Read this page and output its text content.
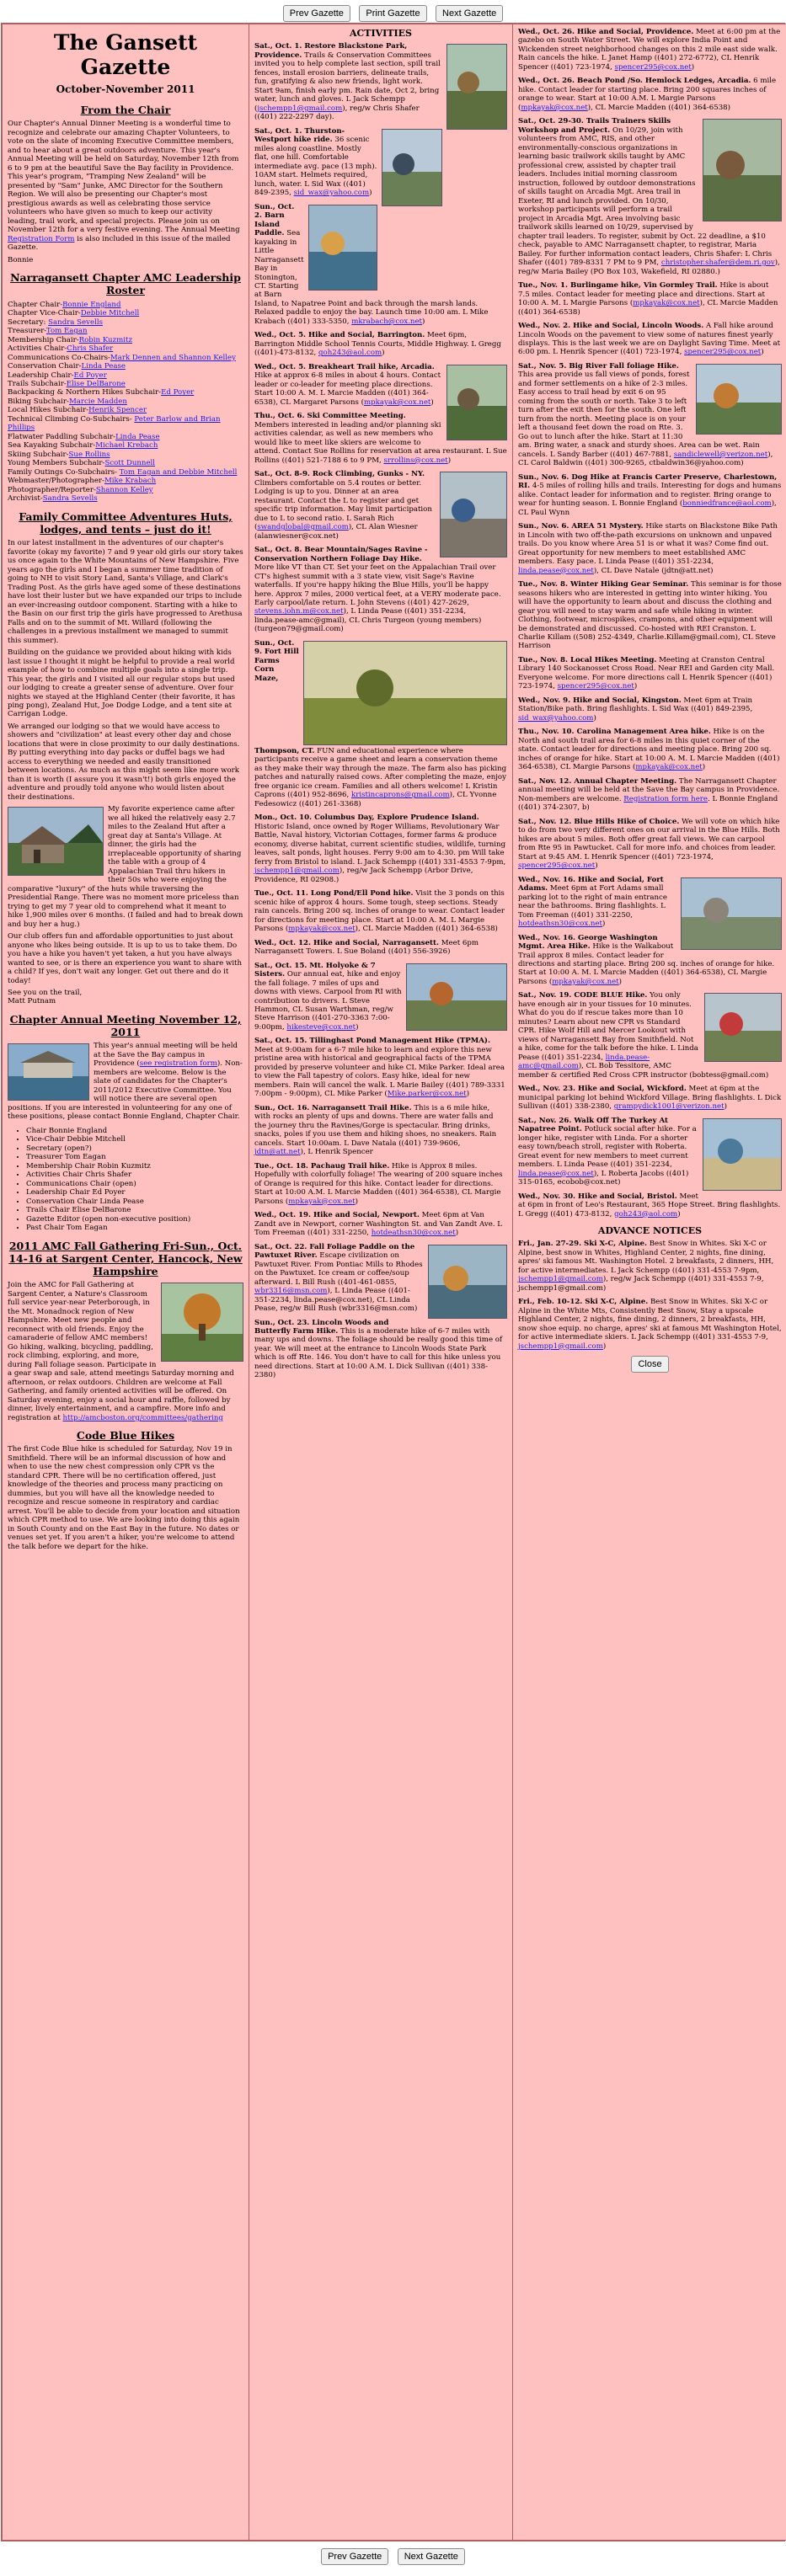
Prev Gazette Print Gazette Next Gazette
The Gansett Gazette
October-November 2011
From the Chair

Our Chapter's Annual Dinner Meeting is a wonderful time to recognize and celebrate our amazing Chapter Volunteers, to vote on the slate of incoming Executive Committee members, and to hear about a great outdoors adventure. This year's Annual Meeting will be held on Saturday, November 12th from 6 to 9 pm at the beautiful Save the Bay facility in Providence. This year's program, "Tramping New Zealand" will be presented by "Sam" Junke, AMC Director for the Southern Region. We will also be presenting our Chapter's most prestigious awards as well as celebrating those service volunteers who have given so much to keep our activity leading, trail work, and special projects. Please join us on November 12th for a very festive evening. The Annual Meeting Registration Form is also included in this issue of the mailed Gazette.

Bonnie

Narragansett Chapter AMC Leadership Roster
Chapter Chair-Bonnie England
Chapter Vice-Chair-Debbie Mitchell
Secretary: Sandra Sevells
Treasurer-Tom Eagan
Membership Chair-Robin Kuzmitz
Activities Chair-Chris Shafer
Communications Co-Chairs-Mark Dennen and Shannon Kelley
Conservation Chair-Linda Pease
Leadership Chair-Ed Poyer
Trails Subchair-Elise DelBarone
Backpacking & Northern Hikes Subchair-Ed Poyer
Biking Subchair-Marcie Madden
Local Hikes Subchair-Henrik Spencer
Technical Climbing Co-Subchairs- Peter Barlow and Brian Phillips
Flatwater Paddling Subchair-Linda Pease
Sea Kayaking Subchair-Michael Krebach
Skiing Subchair-Sue Rollins
Young Members Subchair-Scott Dunnell
Family Outings Co-Subchairs- Tom Eagan and Debbie Mitchell
Webmaster/Photographer-Mike Krabach
Photographer/Reporter-Shannon Kelley
Archivist-Sandra Sevells
Family Committee Adventures Huts, lodges, and tents – just do it!

In our latest installment in the adventures of our chapter's favorite (okay my favorite) 7 and 9 year old girls our story takes us once again to the White Mountains of New Hampshire. Five years ago the girls and I began a summer time tradition of going to NH to visit Story Land, Santa's Village, and Clark's Trading Post. As the girls have aged some of these destinations have lost their luster but we have expanded our trips to include an ever-increasing outdoor component. Starting with a hike to the Basin on our first trip the girls have progressed to Arethusa Falls and on to the summit of Mt. Willard (following the challenges in a previous installment we managed to summit this summer).

Building on the guidance we provided about hiking with kids last issue I thought it might be helpful to provide a real world example of how to combine multiple goals into a single trip. This year, the girls and I visited all our regular stops but used our lodging to create a greater sense of adventure. Over four nights we stayed at the Highland Center (their favorite, it has ping pong), Zealand Hut, Joe Dodge Lodge, and a tent site at Carrigan Lodge.

We arranged our lodging so that we would have access to showers and "civilization" at least every other day and chose locations that were in close proximity to our daily destinations. By putting everything into day packs or duffel bags we had access to everything we needed and easily transitioned between locations. As much as this might seem like more work than it is worth (I assure you it wasn't!) both girls enjoyed the adventure and proudly told anyone who would listen about their destinations.

My favorite experience came after we all hiked the relatively easy 2.7 miles to the Zealand Hut after a great day at Santa's Village. At dinner, the girls had the irreplaceable opportunity of sharing the table with a group of 4 Appalachian Trail thru hikers in their 50s who were enjoying the comparative "luxury" of the huts while traversing the Presidential Range. There was no moment more priceless than trying to get my 7 year old to comprehend what it meant to hike 1,900 miles over 6 months. (I failed and had to break down and buy her a hug.)

Our club offers fun and affordable opportunities to just about anyone who likes being outside. It is up to us to take them. Do you have a hike you haven't yet taken, a hut you have always wanted to see, or is there an experience you want to share with a child? If yes, don't wait any longer. Get out there and do it today!

See you on the trail,

Matt Putnam

Chapter Annual Meeting November 12, 2011

This year's annual meeting will be held at the Save the Bay campus in Providence (see registration form). Non-members are welcome. Below is the slate of candidates for the Chapter's 2011/2012 Executive Committee. You will notice there are several open positions. If you are interested in volunteering for any one of these positions, please contact Bonnie England, Chapter Chair.

• Chair Bonnie England
• Vice-Chair Debbie Mitchell
• Secretary (open?)
• Treasurer Tom Eagan
• Membership Chair Robin Kuzmitz
• Activities Chair Chris Shafer
• Communications Chair (open)
• Leadership Chair Ed Poyer
• Conservation Chair Linda Pease
• Trails Chair Elise DelBarone
• Gazette Editor (open non-executive position)
• Past Chair Tom Eagan
2011 AMC Fall Gathering Fri-Sun., Oct. 14-16 at Sargent Center, Hancock, New Hampshire

Join the AMC for Fall Gathering at Sargent Center, a Nature's Classroom full service year-near Peterborough, in the Mt. Monadnock region of New Hampshire. Meet new people and reconnect with old friends. Enjoy the camaraderie of fellow AMC members! Go hiking, walking, bicycling, paddling, rock climbing, exploring, and more, during Fall foliage season. Participate in a gear swap and sale, attend meetings Saturday morning and afternoon, or relax outdoors. Children are welcome at Fall Gathering, and family oriented activities will be offered. On Saturday evening, enjoy a social hour and raffle, followed by dinner, lively entertainment, and a campfire. More info and registration at http://amcboston.org/committees/gathering

Code Blue Hikes

The first Code Blue hike is scheduled for Saturday, Nov 19 in Smithfield. There will be an informal discussion of how and when to use the new chest compression only CPR vs the standard CPR. There will be no certification offered, just knowledge of the theories and process many practicing on dummies, but you will have all the knowledge needed to recognize and rescue someone in respiratory and cardiac arrest. You'll be able to decide from your location and situation which CPR method to use. We are looking into doing this again in South County and on the East Bay in the future. No dates or venues set yet. If you aren't a hiker, you're welcome to attend the talk before we depart for the hike.

ACTIVITIES

Sat., Oct. 1. Restore Blackstone Park, Providence. Trails & Conservation Committees invited you to help complete last section, spill trail fences, install erosion barriers, delineate trails, fun, gratifying & also new friends, light work. Start 9am, finish early pm. Rain date, Oct 2, bring water, lunch and gloves. L Jack Schempp (jschempp1@gmail.com), reg/w Chris Shafer ((401) 222-2297 day).

Sat., Oct. 1. Thurston-Westport hike ride. 36 scenic miles along coastline. Mostly flat, one hill. Comfortable intermediate avg. pace (13 mph). 10AM start. Helmets required, lunch, water. L Sid Wax ((401) 849-2395, sid_wax@yahoo.com)

Sun., Oct. 2. Barn Island Paddle. Sea kayaking in Little Narragansett Bay in Stonington, CT. Starting at Barn Island, to Napatree Point and back through the marsh lands. Relaxed paddle to enjoy the bay. Launch time 10:00 am. L Mike Krabach ((401) 333-5350, mkrabach@cox.net)

Wed., Oct. 5. Hike and Social, Barrington. Meet 6pm, Barrington Middle School Tennis Courts, Middle Highway. L Gregg ((401)-473-8132, goh243@aol.com)

Wed., Oct. 5. Breakheart Trail hike, Arcadia. Hike at approx 6-8 miles in about 4 hours. Contact leader or co-leader for meeting place directions. Start 10:00 A. M. L Marcie Madden ((401) 364-6538), CL Margaret Parsons (mpkayak@cox.net)

Thu., Oct. 6. Ski Committee Meeting. Members interested in leading and/or planning ski activities calendar, as well as new members who would like to meet like skiers are welcome to attend. Contact Sue Rollins for reservation at area restaurant. L Sue Rollins ((401) 521-7188 6 to 9 PM, srrollins@cox.net)

Sat., Oct. 8-9. Rock Climbing, Gunks - NY. Climbers comfortable on 5.4 routes or better. Lodging is up to you. Dinner at an area restaurant. Contact the L to register and get specific trip information. May limit participation due to L to second ratio. L Sarah Rich (swandglobal@gmail.com), CL Alan Wiesner (alanwiesner@cox.net)

Sat., Oct. 8. Bear Mountain/Sages Ravine - Conservation Northern Foliage Day Hike. More like VT than CT. Set your feet on the Appalachian Trail over CT's highest summit with a 3 state view, visit Sage's Ravine waterfalls. If you're happy hiking the Blue Hills, you'll be happy here. Approx 7 miles, 2000 vertical feet, at a VERY moderate pace. Early carpool/late return. L John Stevens ((401) 427-2629, stevens.john.m@cox.net), L Linda Pease ((401) 351-2234, linda.pease-amc@gmail), CL Chris Turgeon (young members) (turgeon79@gmail.com)

Sun., Oct. 9. Fort Hill Farms Corn Maze, Thompson, CT. FUN and educational experience where participants receive a game sheet and learn a conservation theme as they make their way through the maze. The farm also has picking patches and naturally raised cows. After completing the maze, enjoy free organic ice cream. Families and all others welcome! L Kristin Caprons ((401) 952-8696, kristincaprons@gmail.com), CL Yvonne Fedesowicz ((401) 261-3368)

Mon., Oct. 10. Columbus Day, Explore Prudence Island. Historic Island, once owned by Roger Williams, Revolutionary War Battle, Naval history, Victorian Cottages, former farms & produce economy, diverse habitat, current scientific studies, wildlife, turning leaves, salt ponds, light houses. Ferry 9:00 am to 4:30. pm Will take ferry from Bristol to island. L Jack Schempp ((401) 331-4553 7-9pm, jschempp1@gmail.com), reg/w Jack Schempp (Arbor Drive, Providence, RI 02908.)

Tue., Oct. 11. Long Pond/Ell Pond hike. Visit the 3 ponds on this scenic hike of approx 4 hours. Some tough, steep sections. Steady rain cancels. Bring 200 sq. inches of orange to wear. Contact leader for directions for meeting place. Start at 10:00 A. M. L Margie Parsons (mpkayak@cox.net), CL Marcie Madden ((401) 364-6538)

Wed., Oct. 12. Hike and Social, Narragansett. Meet 6pm Narragansett Towers. L Sue Boland ((401) 556-3926)

Sat., Oct. 15. Mt. Holyoke & 7 Sisters. Our annual eat, hike and enjoy the fall foliage. 7 miles of ups and downs with views. Carpool from RI with contribution to drivers. L Steve Hammon, CL Susan Warthman, reg/w Steve Harrison ((401-270-3363 7:00-9:00pm, hikesteve@cox.net)

Sat., Oct. 15. Tillinghast Pond Management Hike (TPMA). Meet at 9:00am for a 6-7 mile hike to learn and explore this new pristine area with historical and geographical facts of the TPMA provided by preserve volunteer and hike CL Mike Parker. Ideal area to view the Fall tapestry of colors. Easy hike, ideal for new members. Rain will cancel the walk. L Marie Bailey ((401) 789-3331 7:00pm - 9:00pm), CL Mike Parker (Mike.parker@cox.net)

Sun., Oct. 16. Narragansett Trail Hike. This is a 6 mile hike, with rocks an plenty of ups and downs. There are water falls and the journey thru the Ravines/Gorge is spectacular. Bring drinks, snacks, poles if you use them and hiking shoes, no sneakers. Rain cancels. Start 10:00am. L Dave Natala ((401) 739-9606, jdtn@att.net), L Henrik Spencer

Tue., Oct. 18. Pachaug Trail hike. Hike is Approx 8 miles. Hopefully with colorfully foliage! The wearing of 200 square inches of Orange is required for this hike. Contact leader for directions. Start at 10:00 A.M. L Marcie Madden ((401) 364-6538), CL Margie Parsons (mpkayak@cox.net)

Wed., Oct. 19. Hike and Social, Newport. Meet 6pm at Van Zandt ave in Newport, corner Washington St. and Van Zandt Ave. L Tom Freeman ((401) 331-2250, hotdeathsn30@cox.net)

Sat., Oct. 22. Fall Foliage Paddle on the Pawtuxet River. Escape civilization on Pawtuxet River. From Pontiac Mills to Rhodes on the Pawtuxet. Ice cream or coffee/soup afterward. L Bill Rush ((401-461-0855, wbr3316@msn.com), L Linda Pease ((401-351-2234, linda.pease@cox.net), CL Linda Pease, reg/w Bill Rush (wbr3316@msn.com)

Sun., Oct. 23. Lincoln Woods and Butterfly Farm Hike. This is a moderate hike of 6-7 miles with many ups and downs. The foliage should be really good this time of year. We will meet at the entrance to Lincoln Woods State Park which is off Rte. 146. You don't have to call for this hike unless you need directions. Start at 10:00 A.M. L Dick Sullivan ((401) 338-2380)

Wed., Oct. 26. Hike and Social, Providence. Meet at 6:00 pm at the gazebo on South Water Street. We will explore India Point and Wickenden street neighborhood changes on this 2 mile east side walk. Rain cancels the hike. L Janet Hamp ((401) 272-6772), CL Henrik Spencer ((401) 723-1974, spencer295@cox.net)

Wed., Oct. 26. Beach Pond /So. Hemlock Ledges, Arcadia. 6 mile hike. Contact leader for starting place. Bring 200 squares inches of orange to wear. Start at 10:00 A.M. L Margie Parsons (mpkayak@cox.net), CL Marcie Madden ((401) 364-6538)

Sat., Oct. 29-30. Trails Trainers Skills Workshop and Project. On 10/29, join with volunteers from AMC, RIS, and other environmentally-conscious organizations in learning basic trailwork skills taught by AMC professional crew, assisted by chapter trail leaders. Includes initial morning classroom instruction, followed by outdoor demonstrations of skills taught on Arcadia Mgt. Area trail in Exeter, RI and lunch provided. On 10/30, workshop participants will perform a trail project in Arcadia Mgt. Area involving basic trailwork skills learned on 10/29, supervised by chapter trail leaders. To register, submit by Oct. 22 deadline, a $10 check, payable to AMC Narragansett chapter, to registrar, Maria Bailey. For further information contact leaders, Chris Shafer: L Chris Shafer ((401) 789-8331 7 PM to 9 PM, christopher.shafer@dem.ri.gov), reg/w Maria Bailey (PO Box 103, Wakefield, RI 02880.)

Tue., Nov. 1. Burlingame hike, Vin Gormley Trail. Hike is about 7.5 miles. Contact leader for meeting place and directions. Start at 10:00 A. M. L Margie Parsons (mpkayak@cox.net), CL Marcie Madden ((401) 364-6538)

Wed., Nov. 2. Hike and Social, Lincoln Woods. A Fall hike around Lincoln Woods on the pavement to view some of natures finest yearly displays. This is the last week we are on Daylight Saving Time. Meet at 6:00 pm. L Henrik Spencer ((401) 723-1974, spencer295@cox.net)

Sat., Nov. 5. Big River Fall foliage Hike. This area provide us fall views of ponds, forest and former settlements on a hike of 2-3 miles. Easy access to trail head by exit 6 on 95 coming from the south or north. Take 3 to left turn after the exit then for the south. One left turn from the north. Meeting place is on your left a thousand feet down the road on Rte. 3. Go out to lunch after the hike. Start at 11:30 am. Bring water, a snack and sturdy shoes. Area can be wet. Rain cancels. L Sandy Barber ((401) 467-7881, sandiclewell@verizon.net), CL Carol Baldwin ((401) 300-9265, ctbaldwin36@yahoo.com)

Sun., Nov. 6. Dog Hike at Francis Carter Preserve, Charlestown, RI. 4-5 miles of rolling hills and trails. Interesting for dogs and humans alike. Contact leader for information and to register. Bring orange to wear for hunting season. L Bonnie England (bonniedfrance@aol.com), CL Paul Wynn

Sun., Nov. 6. AREA 51 Mystery. Hike starts on Blackstone Bike Path in Lincoln with two off-the-path excursions on unknown and unpaved trails. Do you know where Area 51 is or what it was? Come find out. Great opportunity for new members to meet established AMC members. Easy pace. L Linda Pease ((401) 351-2234, linda.pease@cox.net), CL Dave Natale (jdtn@att.net)

Tue., Nov. 8. Winter Hiking Gear Seminar. This seminar is for those seasons hikers who are interested in getting into winter hiking. You will have the opportunity to learn about and discuss the clothing and gear you will need to stay warm and safe while hiking in winter. Clothing, footwear, microspikes, crampons, and other equipment will be demonstrated and discussed. Co-hosted with REI Cranston. L Charlie Killam ((508) 252-4349, Charlie.Killam@gmail.com), CL Steve Harrison

Tue., Nov. 8. Local Hikes Meeting. Meeting at Cranston Central Library 140 Sockanosset Cross Road. Near REI and Garden city Mall. Everyone welcome. For more directions call L Henrik Spencer ((401) 723-1974, spencer295@cox.net)

Wed., Nov. 9. Hike and Social, Kingston. Meet 6pm at Train Station/Bike path. Bring flashlights. L Sid Wax ((401) 849-2395, sid_wax@yahoo.com)

Thu., Nov. 10. Carolina Management Area hike. Hike is on the North and south trail area for 6-8 miles in this quiet corner of the state. Contact leader for directions and meeting place. Bring 200 sq. inches of orange for hike. Start at 10:00 A. M. L Marcie Madden ((401) 364-6538), CL Margie Parsons (mpkayak@cox.net)

Sat., Nov. 12. Annual Chapter Meeting. The Narragansett Chapter annual meeting will be held at the Save the Bay campus in Providence. Non-members are welcome. Registration form here. L Bonnie England ((401) 374-2307, b)

Sat., Nov. 12. Blue Hills Hike of Choice. We will vote on which hike to do from two very different ones on our arrival in the Blue Hills. Both hikes are about 5 miles. Both offer great fall views. We can carpool from Rte 95 in Pawtucket. Call for more info. and choices from leader. Start at 9:45 AM. L Henrik Spencer ((401) 723-1974, spencer295@cox.net)

Wed., Nov. 16. Hike and Social, Fort Adams. Meet 6pm at Fort Adams small parking lot to the right of main entrance near the bathrooms. Bring flashlights. L Tom Freeman ((401) 331-2250, hotdeathsn30@cox.net)

Wed., Nov. 16. George Washington Mgmt. Area Hike. Hike is the Walkabout Trail approx 8 miles. Contact leader for directions and starting place. Bring 200 sq. inches of orange for hike. Start at 10:00 A. M. L Marcie Madden ((401) 364-6538), CL Margie Parsons (mpkayak@cox.net)

Sat., Nov. 19. CODE BLUE Hike. You only have enough air in your tissues for 10 minutes. What do you do if rescue takes more than 10 minutes? Learn about new CPR vs Standard CPR. Hike Wolf Hill and Mercer Lookout with views of Narragansett Bay from Smithfield. Not a hike, come for the talk before the hike. L Linda Pease ((401) 351-2234, linda.pease-amc@gmail.com), CL Bob Tessitore, AMC member & certified Red Cross CPR instructor (bobtess@gmail.com)

Wed., Nov. 23. Hike and Social, Wickford. Meet at 6pm at the municipal parking lot behind Wickford Village. Bring flashlights. L Dick Sullivan ((401) 338-2380, grampydick1001@verizon.net)

Sat., Nov. 26. Walk Off The Turkey At Napatree Point. Potluck social after hike. For a longer hike, register with Linda. For a shorter easy town/beach stroll, register with Roberta. Great event for new members to meet current members. L Linda Pease ((401) 351-2234, linda.pease@cox.net), L Roberta Jacobs ((401) 315-0165, ecobob@cox.net)

Wed., Nov. 30. Hike and Social, Bristol. Meet at 6pm in front of Leo's Restaurant, 365 Hope Street. Bring flashlights. L Gregg ((401) 473-8132, goh243@aol.com)

ADVANCE NOTICES

Fri., Jan. 27-29. Ski X-C, Alpine. Best Snow in Whites. Ski X-C or Alpine, best snow in Whites, Highland Center, 2 nights, fine dining, apres' ski famous Mt. Washington Hotel. 2 breakfasts, 2 dinners, HH, for active intermediates. L Jack Schempp ((401) 331-4553 7-9pm, jschempp1@gmail.com), reg/w Jack Schempp ((401) 331-4553 7-9, jschempp1@gmail.com)

Fri., Feb. 10-12. Ski X-C, Alpine. Best Snow in Whites. Ski X-C or Alpine in the White Mts, Consistently Best Snow, Stay a upscale Highland Center, 2 nights, fine dining, 2 dinners, 2 breakfasts, HH, snow shoe equip. no charge, apres' ski at famous Mt Washington Hotel, for active intermediate skiers. L Jack Schempp ((401) 331-4553 7-9, jschempp1@gmail.com)

Close
Prev Gazette Next Gazette
